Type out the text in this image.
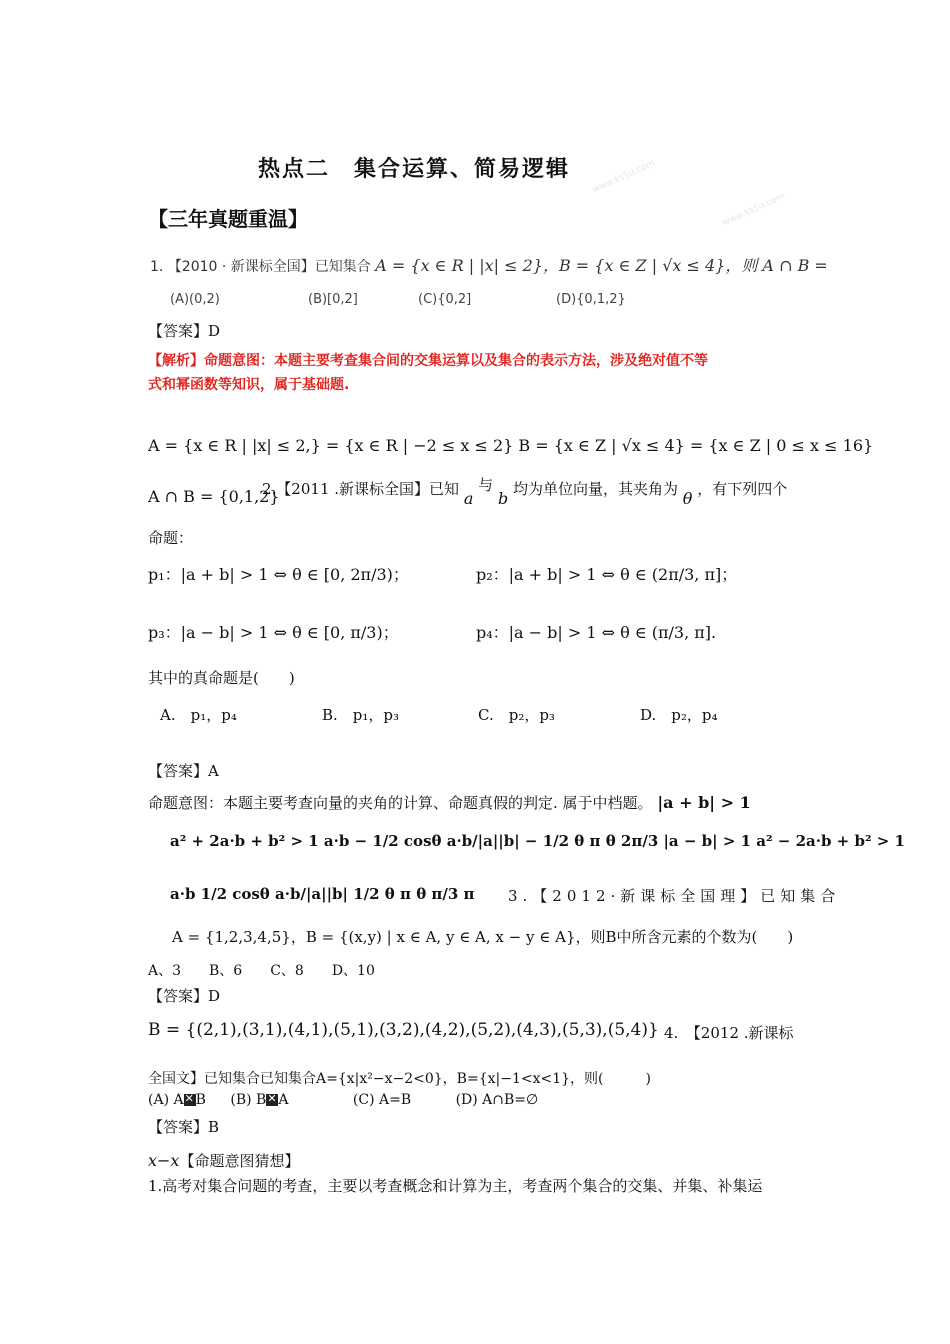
热点二　集合运算、简易逻辑
【三年真题重温】
www.ks5u.com
www.ks5u.com
1. 【2010 · 新课标全国】已知集合 A = {x ∈ R | |x| ≤ 2}，B = {x ∈ Z | √x ≤ 4}，则 A ∩ B =
(A)(0,2)	(B)[0,2]	(C){0,2]	(D){0,1,2}
【答案】D
【解析】命题意图：本题主要考查集合间的交集运算以及集合的表示方法，涉及绝对值不等
式和幂函数等知识，属于基础题.
A = {x ∈ R | |x| ≤ 2,} = {x ∈ R | −2 ≤ x ≤ 2} B = {x ∈ Z | √x ≤ 4} = {x ∈ Z | 0 ≤ x ≤ 16}
A ∩ B = {0,1,2}
2.【2011 .新课标全国】已知 a 与 b 均为单位向量，其夹角为 θ ，有下列四个
命题：
p₁：|a + b| > 1 ⇔ θ ∈ [0, 2π/3)；	p₂：|a + b| > 1 ⇔ θ ∈ (2π/3, π]；
p₃：|a − b| > 1 ⇔ θ ∈ [0, π/3)；	p₄：|a − b| > 1 ⇔ θ ∈ (π/3, π].
其中的真命题是(　　)
A.　p₁，p₄	B.　p₁，p₃	C.　p₂，p₃	D.　p₂，p₄
【答案】A
命题意图：本题主要考查向量的夹角的计算、命题真假的判定. 属于中档题。 |a + b| > 1
a² + 2a·b + b² > 1 a·b − 1/2 cosθ a·b/|a||b| − 1/2 θ π θ 2π/3 |a − b| > 1 a² − 2a·b + b² > 1
a·b 1/2 cosθ a·b/|a||b| 1/2 θ π θ π/3 π 3.【2012·新课标全国理】已知集合
A = {1,2,3,4,5}，B = {(x,y) | x ∈ A, y ∈ A, x − y ∈ A}，则B中所含元素的个数为(　　)
A、3　　B、6　　C、8　　D、10
【答案】D
B = {(2,1),(3,1),(4,1),(5,1),(3,2),(4,2),(5,2),(4,3),(5,3),(5,4)} 4.　【2012 .新课标
全国文】已知集合已知集合A={x|x²−x−2<0}，B={x|−1<x<1}，则(　　　)
(A) A ✕ B (B) B ✕ A	(C) A=B	(D) A∩B=∅
【答案】B
x−x【命题意图猜想】
1.高考对集合问题的考查，主要以考查概念和计算为主，考查两个集合的交集、并集、补集运
